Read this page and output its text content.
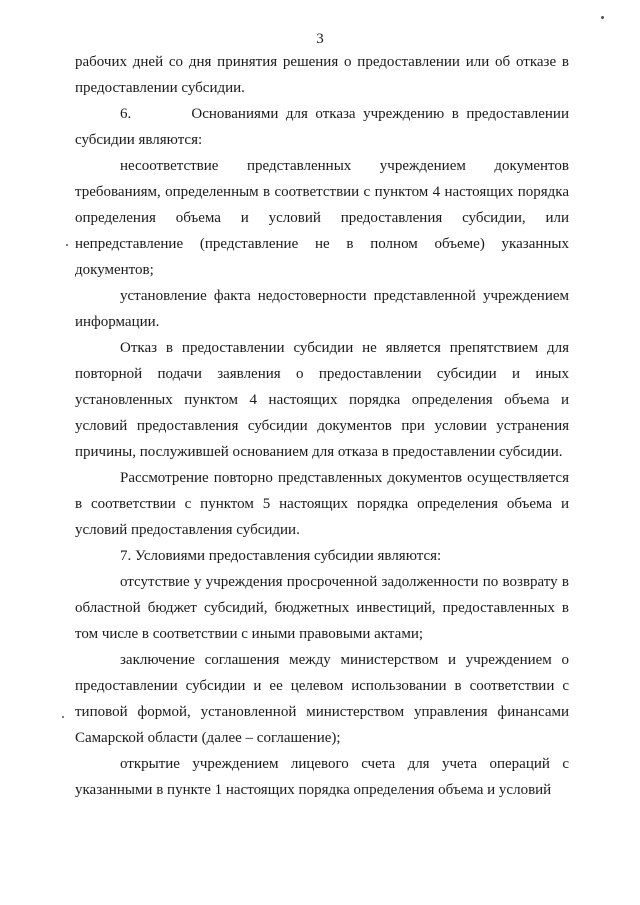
3

рабочих дней со дня принятия решения о предоставлении или об отказе в предоставлении субсидии.

6.        Основаниями для отказа учреждению в предоставлении субсидии являются:

несоответствие представленных учреждением документов требованиям, определенным в соответствии с пунктом 4 настоящих порядка определения объема и условий предоставления субсидии, или непредставление (представление не в полном объеме) указанных документов;

установление факта недостоверности представленной учреждением информации.

Отказ в предоставлении субсидии не является препятствием для повторной подачи заявления о предоставлении субсидии и иных установленных пунктом 4 настоящих порядка определения объема и условий предоставления субсидии документов при условии устранения причины, послужившей основанием для отказа в предоставлении субсидии.

Рассмотрение повторно представленных документов осуществляется в соответствии с пунктом 5 настоящих порядка определения объема и условий предоставления субсидии.

7. Условиями предоставления субсидии являются:

отсутствие у учреждения просроченной задолженности по возврату в областной бюджет субсидий, бюджетных инвестиций, предоставленных в том числе в соответствии с иными правовыми актами;

заключение соглашения между министерством и учреждением о предоставлении субсидии и ее целевом использовании в соответствии с типовой формой, установленной министерством управления финансами Самарской области (далее – соглашение);

открытие учреждением лицевого счета для учета операций с указанными в пункте 1 настоящих порядка определения объема и условий
